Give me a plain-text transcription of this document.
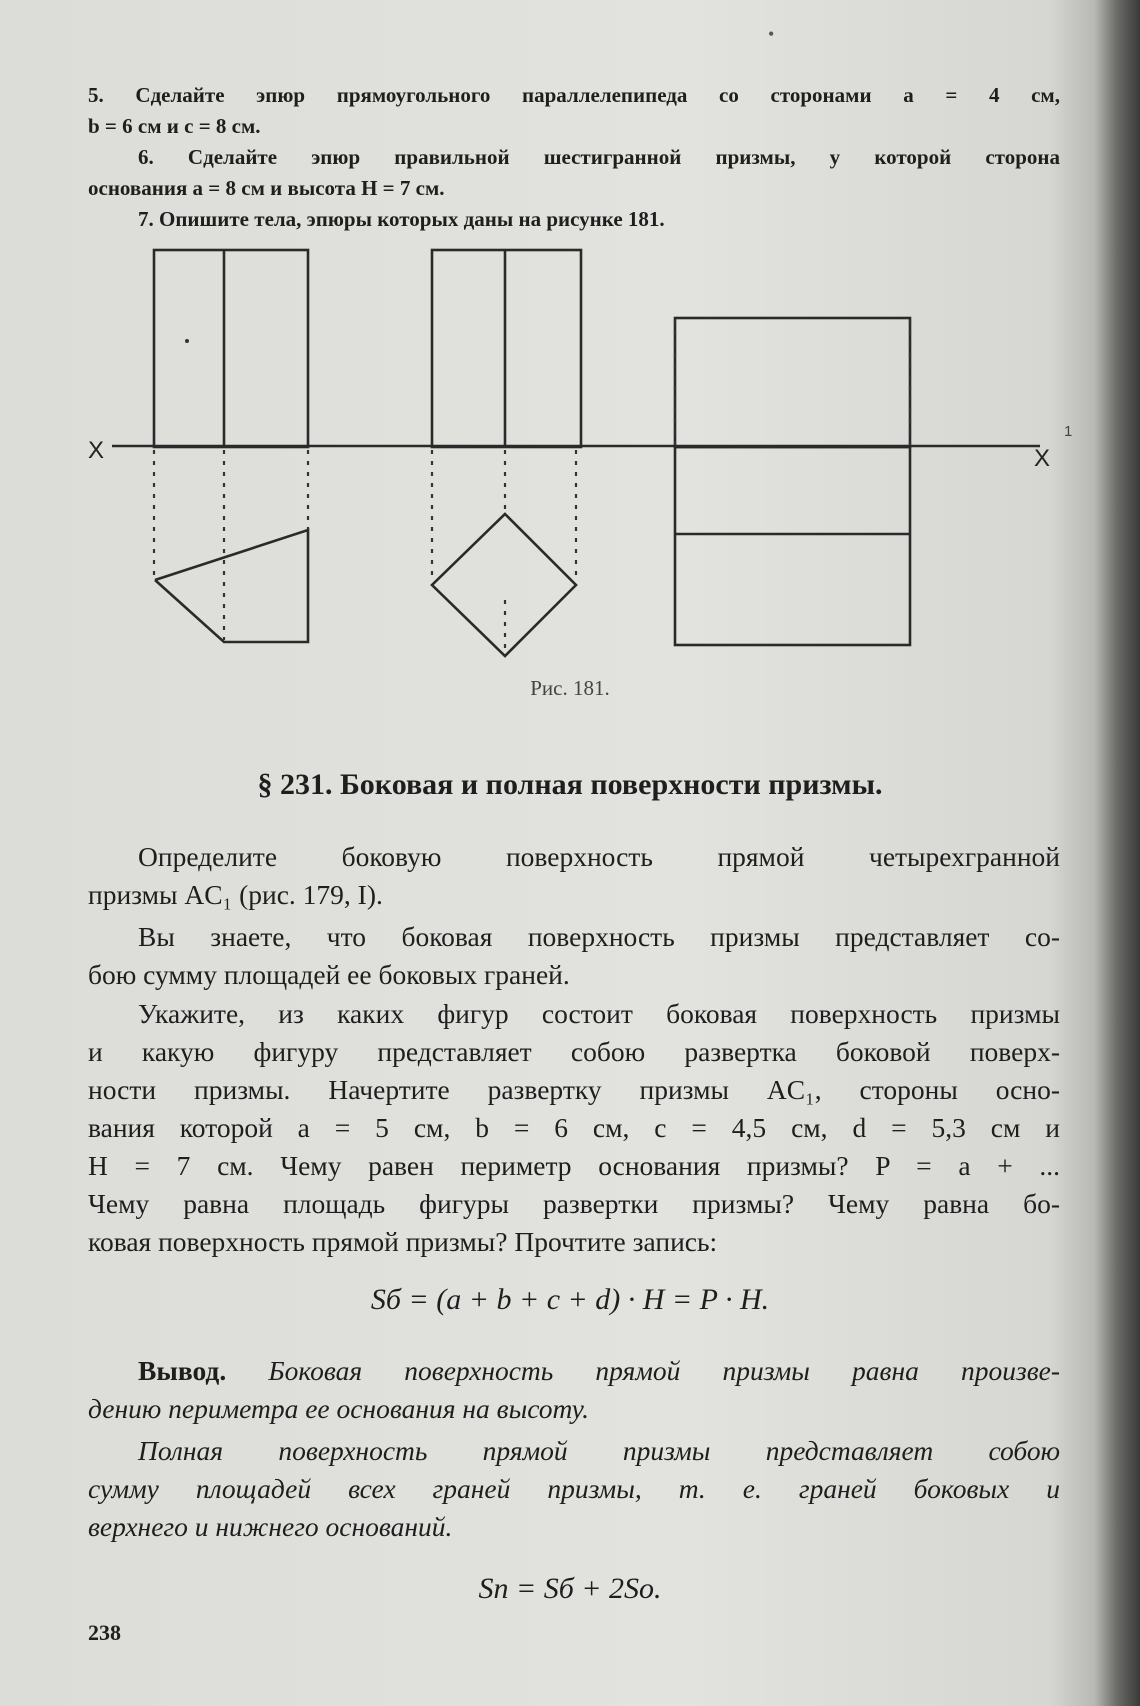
•

5. Сделайте эпюр прямоугольного параллелепипеда со сторонами a = 4 см,

b = 6 см и c = 8 см.

6. Сделайте эпюр правильной шестигранной призмы, у которой сторона

основания a = 8 см и высота H = 7 см.

7. Опишите тела, эпюры которых даны на рисунке 181.

X	X
1
Рис. 181.
§ 231. Боковая и полная поверхности призмы.

Определите боковую поверхность прямой четырехгранной

призмы AC₁ (рис. 179, I).

Вы знаете, что боковая поверхность призмы представляет со-

бою сумму площадей ее боковых граней.

Укажите, из каких фигур состоит боковая поверхность призмы

и какую фигуру представляет собою развертка боковой поверх-

ности призмы. Начертите развертку призмы AC₁, стороны осно-

вания которой a = 5 см, b = 6 см, c = 4,5 см, d = 5,3 см и

H = 7 см. Чему равен периметр основания призмы? P = a + ...

Чему равна площадь фигуры развертки призмы? Чему равна бо-

ковая поверхность прямой призмы? Прочтите запись:

Sб = (a + b + c + d) · H = P · H.

Вывод. Боковая поверхность прямой призмы равна произве-

дению периметра ее основания на высоту.

Полная поверхность прямой призмы представляет собою

сумму площадей всех граней призмы, т. е. граней боковых и

верхнего и нижнего оснований.

Sп = Sб + 2Sо.
238
